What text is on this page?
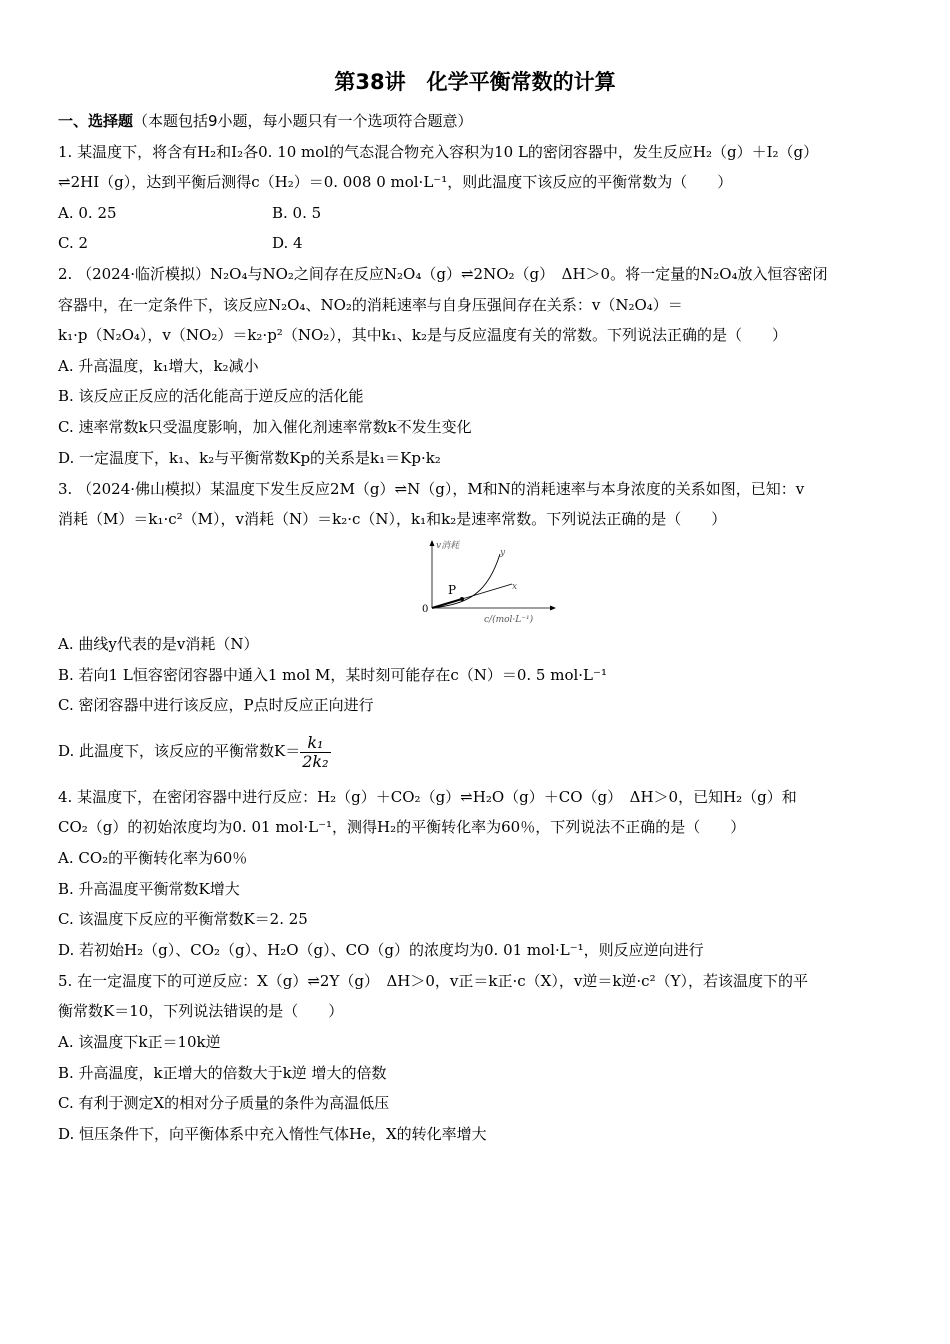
第38讲　化学平衡常数的计算
一、选择题（本题包括9小题，每小题只有一个选项符合题意）
1. 某温度下，将含有H₂和I₂各0. 10 mol的气态混合物充入容积为10 L的密闭容器中，发生反应H₂（g）＋I₂（g）
⇌2HI（g），达到平衡后测得c（H₂）＝0. 008 0 mol·L⁻¹，则此温度下该反应的平衡常数为（　　）
A. 0. 25	B. 0. 5
C. 2	D. 4
2. （2024·临沂模拟）N₂O₄与NO₂之间存在反应N₂O₄（g）⇌2NO₂（g）　ΔH＞0。将一定量的N₂O₄放入恒容密闭
容器中，在一定条件下，该反应N₂O₄、NO₂的消耗速率与自身压强间存在关系：v（N₂O₄）＝
k₁·p（N₂O₄），v（NO₂）＝k₂·p²（NO₂），其中k₁、k₂是与反应温度有关的常数。下列说法正确的是（　　）
A. 升高温度，k₁增大，k₂减小
B. 该反应正反应的活化能高于逆反应的活化能
C. 速率常数k只受温度影响，加入催化剂速率常数k不发生变化
D. 一定温度下，k₁、k₂与平衡常数Kp的关系是k₁＝Kp·k₂
3. （2024·佛山模拟）某温度下发生反应2M（g）⇌N（g），M和N的消耗速率与本身浓度的关系如图，已知：v
消耗（M）＝k₁·c²（M），v消耗（N）＝k₂·c（N），k₁和k₂是速率常数。下列说法正确的是（　　）
P
y
x
v消耗
0
c/(mol·L⁻¹)
A. 曲线y代表的是v消耗（N）
B. 若向1 L恒容密闭容器中通入1 mol M，某时刻可能存在c（N）＝0. 5 mol·L⁻¹
C. 密闭容器中进行该反应，P点时反应正向进行
D. 此温度下，该反应的平衡常数$K= \frac{\text{k₁}}{\text{2k₂}}$
4. 某温度下，在密闭容器中进行反应：H₂（g）＋CO₂（g）⇌H₂O（g）＋CO（g）　ΔH＞0，已知H₂（g）和
CO₂（g）的初始浓度均为0. 01 mol·L⁻¹，测得H₂的平衡转化率为60％，下列说法不正确的是（　　）
A. CO₂的平衡转化率为60％
B. 升高温度平衡常数K增大
C. 该温度下反应的平衡常数K＝2. 25
D. 若初始H₂（g）、CO₂（g）、H₂O（g）、CO（g）的浓度均为0. 01 mol·L⁻¹，则反应逆向进行
5. 在一定温度下的可逆反应：X（g）⇌2Y（g）　ΔH＞0，v正＝k正·c（X），v逆＝k逆·c²（Y），若该温度下的平
衡常数K＝10，下列说法错误的是（　　）
A. 该温度下k正＝10k逆
B. 升高温度，k正增大的倍数大于k逆 增大的倍数
C. 有利于测定X的相对分子质量的条件为高温低压
D. 恒压条件下，向平衡体系中充入惰性气体He，X的转化率增大
